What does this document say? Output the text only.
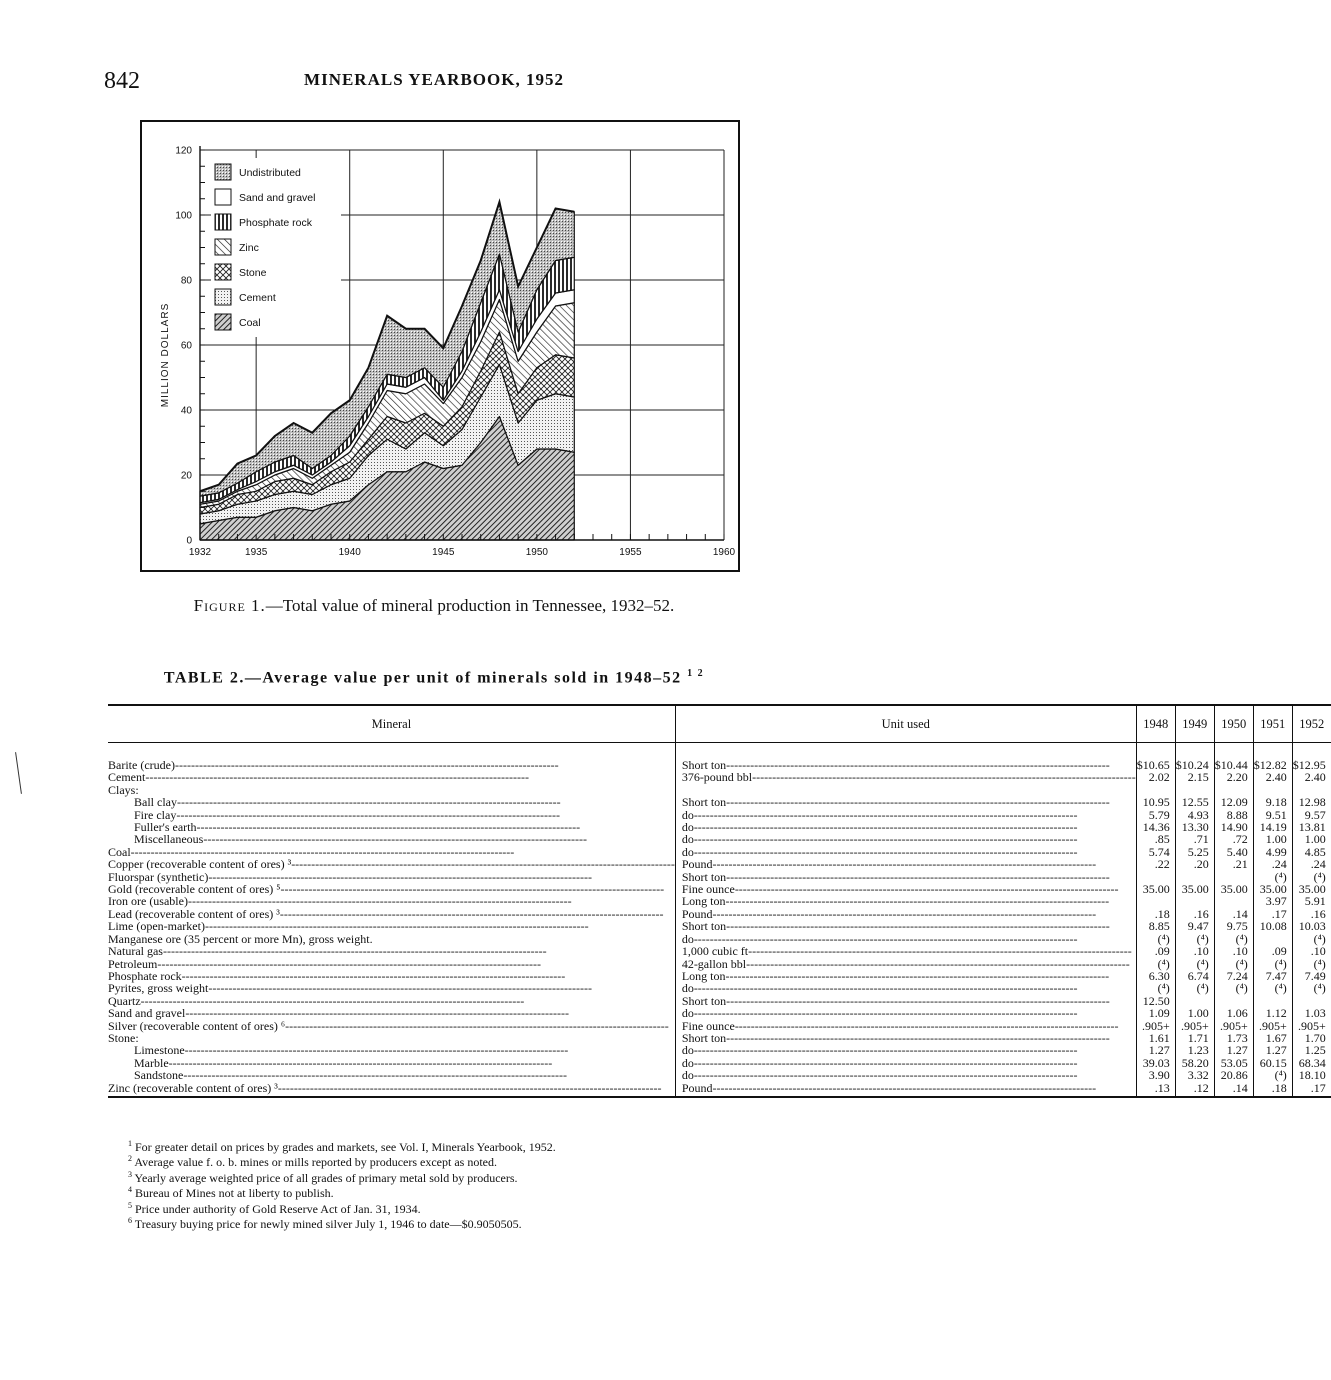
842	MINERALS YEARBOOK, 1952
Undistributed
Sand and gravel
Phosphate rock
Zinc
Stone
Cement
Coal
1932	1935	1940	1945	1950	1955	1960
0
20
40
60
80
100
120
MILLION DOLLARS
Figure 1.—Total value of mineral production in Tennessee, 1932–52.
TABLE 2.—Average value per unit of minerals sold in 1948–52 $^{1 2}$
Mineral	Unit used	1948	1949	1950	1951	1952
Barite (crude) -----	Short ton -----	$10.65	$10.24	$10.44	$12.82	$12.95
Cement -----	376-pound bbl -----	2.02	2.15	2.20	2.40	2.40
Clays:						
Ball clay -----	Short ton -----	10.95	12.55	12.09	9.18	12.98
Fire clay -----	do -----	5.79	4.93	8.88	9.51	9.57
Fuller's earth -----	do -----	14.36	13.30	14.90	14.19	13.81
Miscellaneous -----	do -----	.85	.71	.72	1.00	1.00
Coal -----	do -----	5.74	5.25	5.40	4.99	4.85
Copper (recoverable content of ores) ³ -----	Pound -----	.22	.20	.21	.24	.24
Fluorspar (synthetic) -----	Short ton -----				(⁴)	(⁴)
Gold (recoverable content of ores) ⁵ -----	Fine ounce -----	35.00	35.00	35.00	35.00	35.00
Iron ore (usable) -----	Long ton -----				3.97	5.91
Lead (recoverable content of ores) ³ -----	Pound -----	.18	.16	.14	.17	.16
Lime (open-market) -----	Short ton -----	8.85	9.47	9.75	10.08	10.03
Manganese ore (35 percent or more Mn), gross weight.	do -----	(⁴)	(⁴)	(⁴)		(⁴)
Natural gas -----	1,000 cubic ft -----	.09	.10	.10	.09	.10
Petroleum -----	42-gallon bbl -----	(⁴)	(⁴)	(⁴)	(⁴)	(⁴)
Phosphate rock -----	Long ton -----	6.30	6.74	7.24	7.47	7.49
Pyrites, gross weight -----	do -----	(⁴)	(⁴)	(⁴)	(⁴)	(⁴)
Quartz -----	Short ton -----	12.50				
Sand and gravel -----	do -----	1.09	1.00	1.06	1.12	1.03
Silver (recoverable content of ores) ⁶ -----	Fine ounce -----	.905+	.905+	.905+	.905+	.905+
Stone:	Short ton -----	1.61	1.71	1.73	1.67	1.70
Limestone -----	do -----	1.27	1.23	1.27	1.27	1.25
Marble -----	do -----	39.03	58.20	53.05	60.15	68.34
Sandstone -----	do -----	3.90	3.32	20.86	(⁴)	18.10
Zinc (recoverable content of ores) ³ -----	Pound -----	.13	.12	.14	.18	.17
$^1$ For greater detail on prices by grades and markets, see Vol. I, Minerals Yearbook, 1952.
$^2$ Average value f. o. b. mines or mills reported by producers except as noted.
$^3$ Yearly average weighted price of all grades of primary metal sold by producers.
$^4$ Bureau of Mines not at liberty to publish.
$^5$ Price under authority of Gold Reserve Act of Jan. 31, 1934.
$^6$ Treasury buying price for newly mined silver July 1, 1946 to date—$0.9050505.
